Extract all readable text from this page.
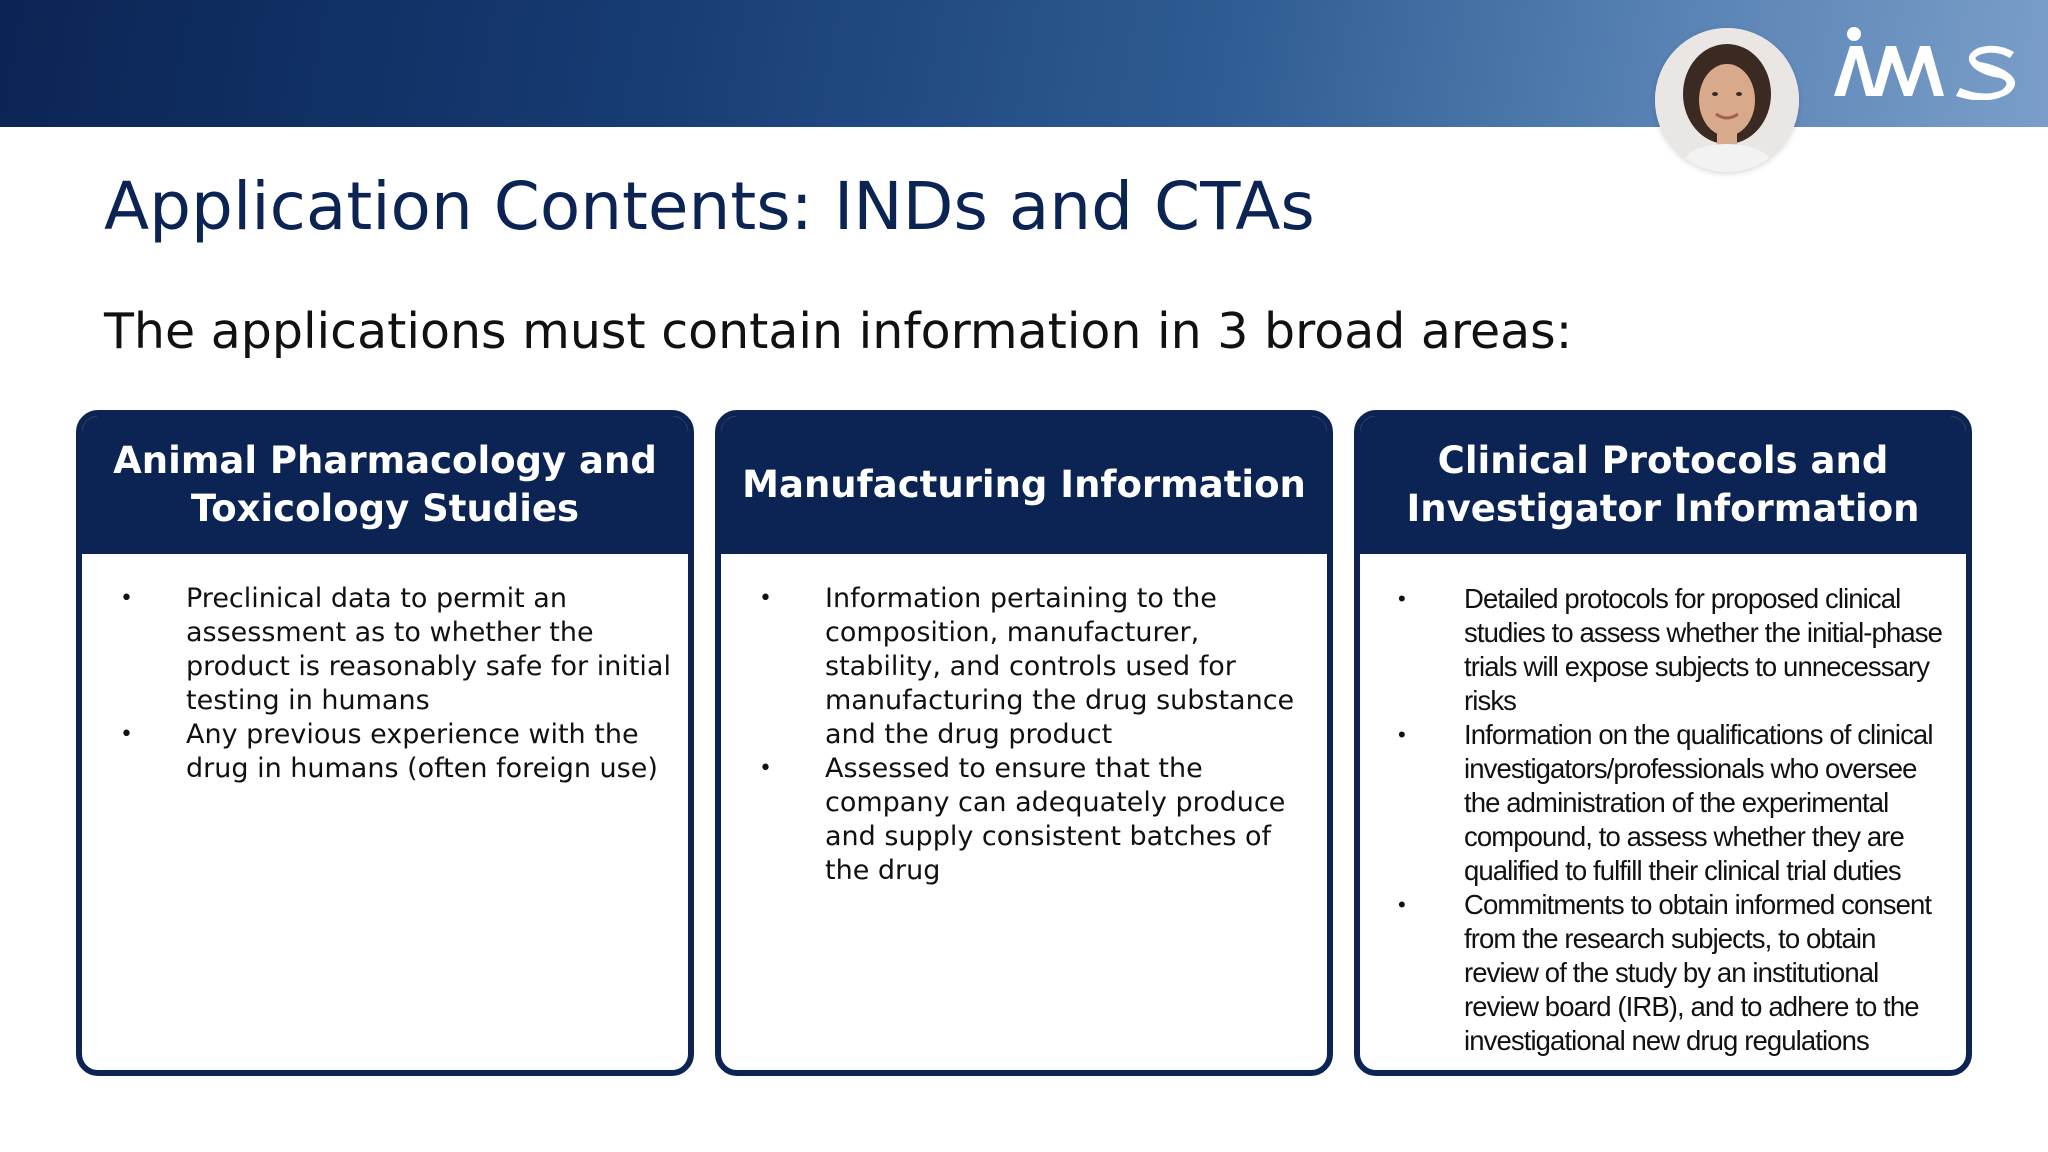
Application Contents: INDs and CTAs
The applications must contain information in 3 broad areas:
Animal Pharmacology and
Toxicology Studies
• Preclinical data to permit an assessment as to whether the product is reasonably safe for initial testing in humans
• Any previous experience with the drug in humans (often foreign use)
Manufacturing Information
• Information pertaining to the composition, manufacturer, stability, and controls used for manufacturing the drug substance and the drug product
• Assessed to ensure that the company can adequately produce and supply consistent batches of the drug
Clinical Protocols and
Investigator Information
• Detailed protocols for proposed clinical studies to assess whether the initial-phase trials will expose subjects to unnecessary risks
• Information on the qualifications of clinical investigators/professionals who oversee the administration of the experimental compound, to assess whether they are qualified to fulfill their clinical trial duties
• Commitments to obtain informed consent from the research subjects, to obtain review of the study by an institutional review board (IRB), and to adhere to the investigational new drug regulations
